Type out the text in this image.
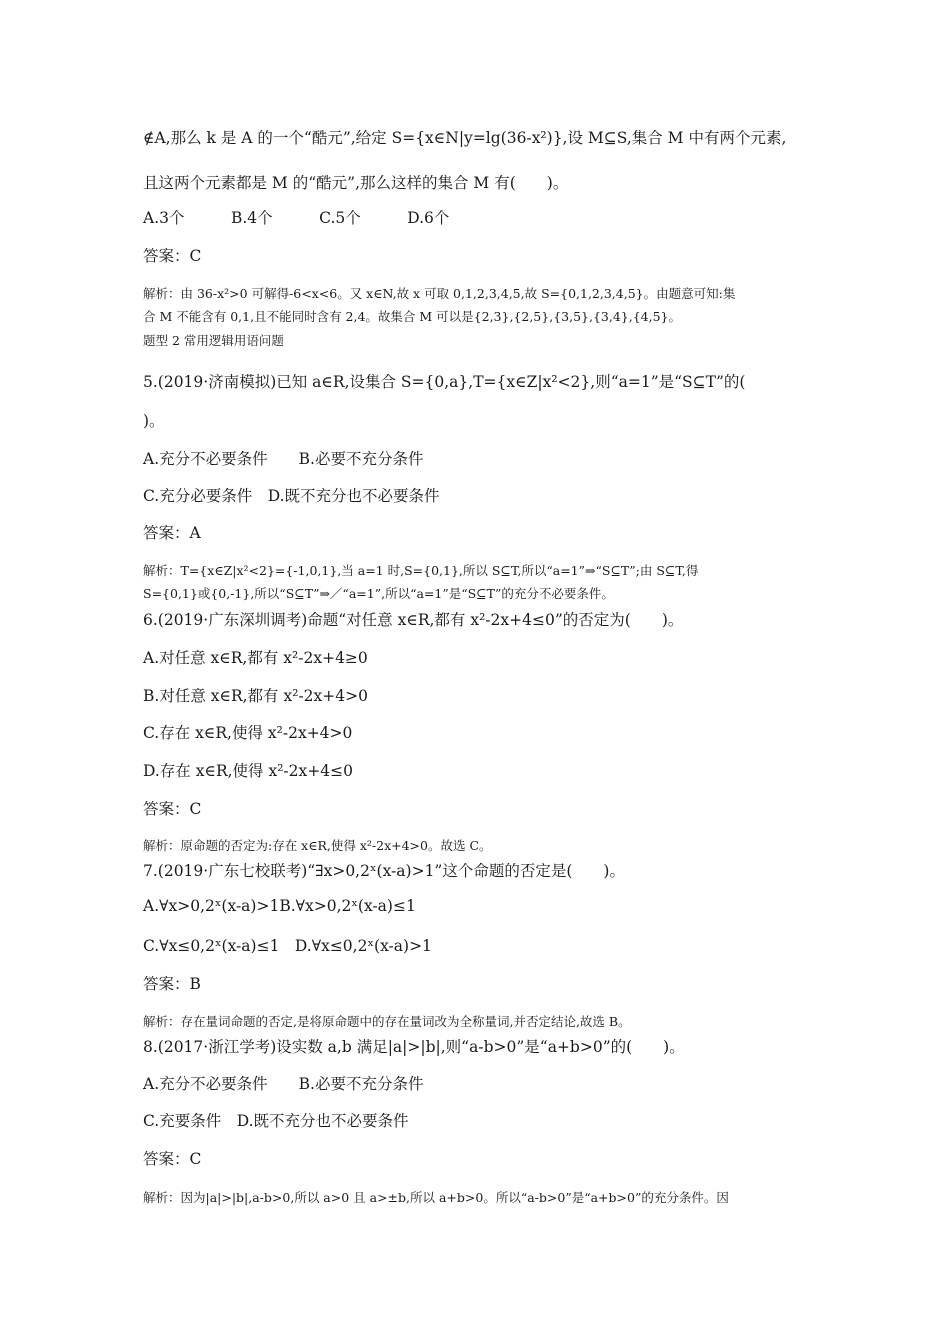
∉A,那么 k 是 A 的一个“酷元”,给定 S={x∈N|y=lg(36-x²)},设 M⊆S,集合 M 中有两个元素,
且这两个元素都是 M 的“酷元”,那么这样的集合 M 有(　　)。
A.3个　　　B.4个　　　C.5个　　　D.6个
答案：C
解析：由 36-x²>0 可解得-6<x<6。又 x∈N,故 x 可取 0,1,2,3,4,5,故 S={0,1,2,3,4,5}。由题意可知:集
合 M 不能含有 0,1,且不能同时含有 2,4。故集合 M 可以是{2,3},{2,5},{3,5},{3,4},{4,5}。
题型 2 常用逻辑用语问题
5.(2019·济南模拟)已知 a∈R,设集合 S={0,a},T={x∈Z|x²<2},则“a=1”是“S⊆T”的(
)。
A.充分不必要条件　　B.必要不充分条件
C.充分必要条件　D.既不充分也不必要条件
答案：A
解析：T={x∈Z|x²<2}={-1,0,1},当 a=1 时,S={0,1},所以 S⊆T,所以“a=1”⇒“S⊆T”;由 S⊆T,得
S={0,1}或{0,-1},所以“S⊆T”⇒／“a=1”,所以“a=1”是“S⊆T”的充分不必要条件。
6.(2019·广东深圳调考)命题“对任意 x∈R,都有 x²-2x+4≤0”的否定为(　　)。
A.对任意 x∈R,都有 x²-2x+4≥0
B.对任意 x∈R,都有 x²-2x+4>0
C.存在 x∈R,使得 x²-2x+4>0
D.存在 x∈R,使得 x²-2x+4≤0
答案：C
解析：原命题的否定为:存在 x∈R,使得 x²-2x+4>0。故选 C。
7.(2019·广东七校联考)“∃x>0,2ˣ(x-a)>1”这个命题的否定是(　　)。
A.∀x>0,2ˣ(x-a)>1B.∀x>0,2ˣ(x-a)≤1
C.∀x≤0,2ˣ(x-a)≤1　D.∀x≤0,2ˣ(x-a)>1
答案：B
解析：存在量词命题的否定,是将原命题中的存在量词改为全称量词,并否定结论,故选 B。
8.(2017·浙江学考)设实数 a,b 满足|a|>|b|,则“a-b>0”是“a+b>0”的(　　)。
A.充分不必要条件　　B.必要不充分条件
C.充要条件　D.既不充分也不必要条件
答案：C
解析：因为|a|>|b|,a-b>0,所以 a>0 且 a>±b,所以 a+b>0。所以“a-b>0”是“a+b>0”的充分条件。因
